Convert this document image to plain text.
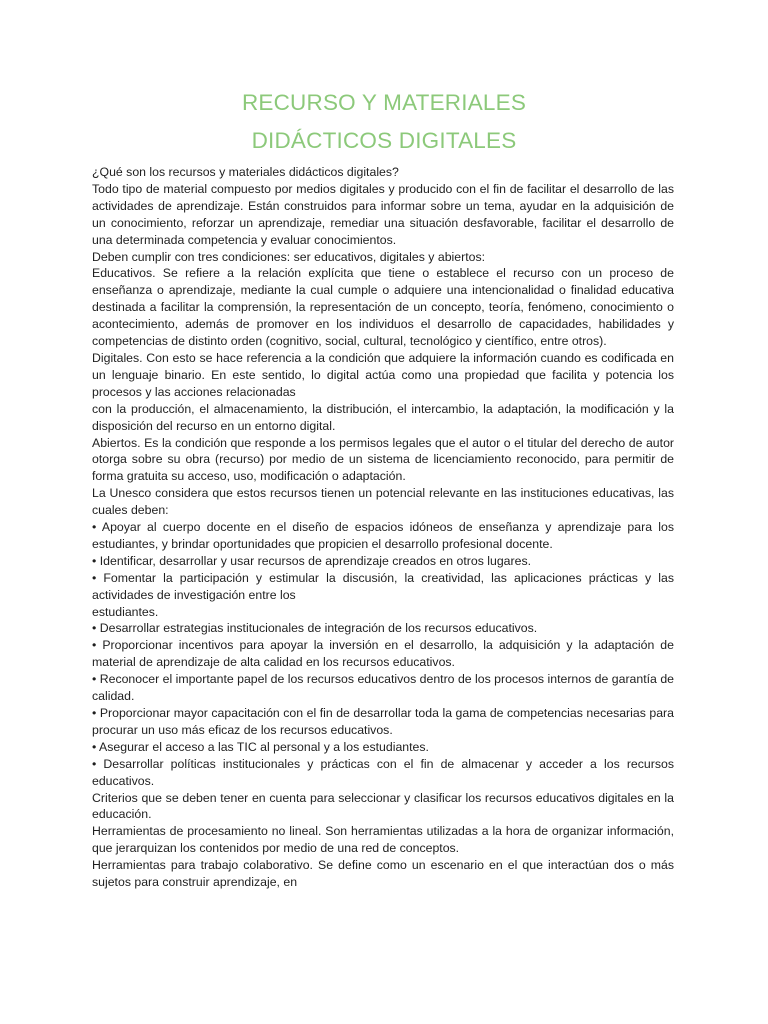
RECURSO Y MATERIALES
DIDÁCTICOS DIGITALES

¿Qué son los recursos y materiales didácticos digitales?

Todo tipo de material compuesto por medios digitales y producido con el fin de facilitar el desarrollo de las actividades de aprendizaje. Están construidos para informar sobre un tema, ayudar en la adquisición de un conocimiento, reforzar un aprendizaje, remediar una situación desfavorable, facilitar el desarrollo de una determinada competencia y evaluar conocimientos.

Deben cumplir con tres condiciones: ser educativos, digitales y abiertos:

Educativos. Se refiere a la relación explícita que tiene o establece el recurso con un proceso de enseñanza o aprendizaje, mediante la cual cumple o adquiere una intencionalidad o finalidad educativa destinada a facilitar la comprensión, la representación de un concepto, teoría, fenómeno, conocimiento o acontecimiento, además de promover en los individuos el desarrollo de capacidades, habilidades y competencias de distinto orden (cognitivo, social, cultural, tecnológico y científico, entre otros).

Digitales. Con esto se hace referencia a la condición que adquiere la información cuando es codificada en un lenguaje binario. En este sentido, lo digital actúa como una propiedad que facilita y potencia los procesos y las acciones relacionadas

con la producción, el almacenamiento, la distribución, el intercambio, la adaptación, la modificación y la disposición del recurso en un entorno digital.

Abiertos. Es la condición que responde a los permisos legales que el autor o el titular del derecho de autor otorga sobre su obra (recurso) por medio de un sistema de licenciamiento reconocido, para permitir de forma gratuita su acceso, uso, modificación o adaptación.

La Unesco considera que estos recursos tienen un potencial relevante en las instituciones educativas, las cuales deben:

• Apoyar al cuerpo docente en el diseño de espacios idóneos de enseñanza y aprendizaje para los estudiantes, y brindar oportunidades que propicien el desarrollo profesional docente.

• Identificar, desarrollar y usar recursos de aprendizaje creados en otros lugares.

• Fomentar la participación y estimular la discusión, la creatividad, las aplicaciones prácticas y las actividades de investigación entre los

estudiantes.

• Desarrollar estrategias institucionales de integración de los recursos educativos.

• Proporcionar incentivos para apoyar la inversión en el desarrollo, la adquisición y la adaptación de material de aprendizaje de alta calidad en los recursos educativos.

• Reconocer el importante papel de los recursos educativos dentro de los procesos internos de garantía de calidad.

• Proporcionar mayor capacitación con el fin de desarrollar toda la gama de competencias necesarias para procurar un uso más eficaz de los recursos educativos.

• Asegurar el acceso a las TIC al personal y a los estudiantes.

• Desarrollar políticas institucionales y prácticas con el fin de almacenar y acceder a los recursos educativos.

Criterios que se deben tener en cuenta para seleccionar y clasificar los recursos educativos digitales en la educación.

Herramientas de procesamiento no lineal. Son herramientas utilizadas a la hora de organizar información, que jerarquizan los contenidos por medio de una red de conceptos.

Herramientas para trabajo colaborativo. Se define como un escenario en el que interactúan dos o más sujetos para construir aprendizaje, en
